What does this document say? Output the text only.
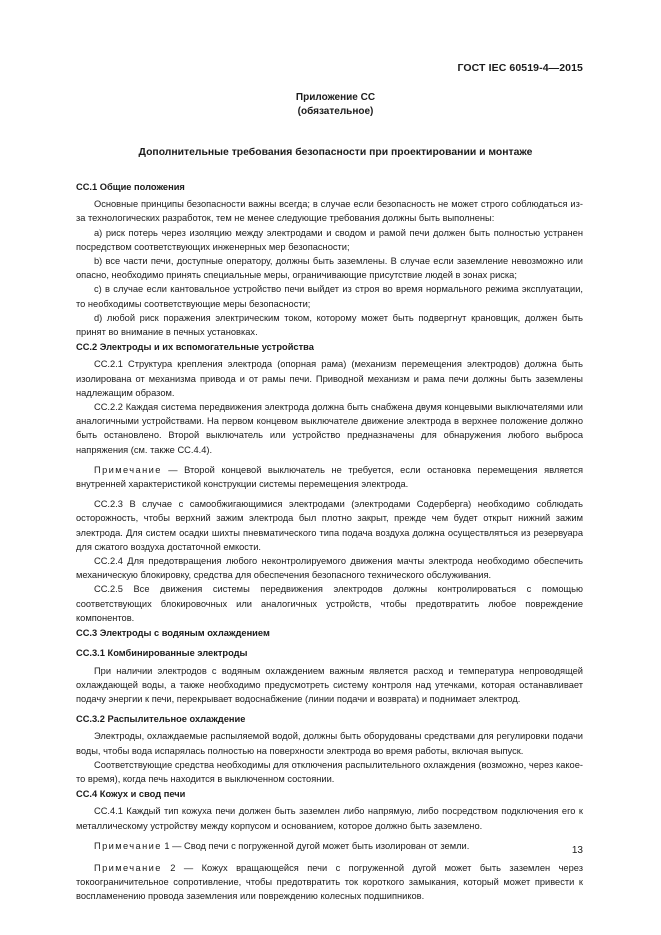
ГОСТ IEC 60519-4—2015
Приложение СС
(обязательное)
Дополнительные требования безопасности при проектировании и монтаже

СС.1 Общие положения

Основные принципы безопасности важны всегда; в случае если безопасность не может строго соблюдаться из-за технологических разработок, тем не менее следующие требования должны быть выполнены:

a) риск потерь через изоляцию между электродами и сводом и рамой печи должен быть полностью устранен посредством соответствующих инженерных мер безопасности;

b) все части печи, доступные оператору, должны быть заземлены. В случае если заземление невозможно или опасно, необходимо принять специальные меры, ограничивающие присутствие людей в зонах риска;

c) в случае если кантовальное устройство печи выйдет из строя во время нормального режима эксплуатации, то необходимы соответствующие меры безопасности;

d) любой риск поражения электрическим током, которому может быть подвергнут крановщик, должен быть принят во внимание в печных установках.

СС.2 Электроды и их вспомогательные устройства

СС.2.1 Структура крепления электрода (опорная рама) (механизм перемещения электродов) должна быть изолирована от механизма привода и от рамы печи. Приводной механизм и рама печи должны быть заземлены надлежащим образом.

СС.2.2 Каждая система передвижения электрода должна быть снабжена двумя концевыми выключателями или аналогичными устройствами. На первом концевом выключателе движение электрода в верхнее положение должно быть остановлено. Второй выключатель или устройство предназначены для обнаружения любого выброса напряжения (см. также СС.4.4).

Примечание — Второй концевой выключатель не требуется, если остановка перемещения является внутренней характеристикой конструкции системы перемещения электрода.

СС.2.3 В случае с самообжигающимися электродами (электродами Содерберга) необходимо соблюдать осторожность, чтобы верхний зажим электрода был плотно закрыт, прежде чем будет открыт нижний зажим электрода. Для систем осадки шихты пневматического типа подача воздуха должна осуществляться из резервуара для сжатого воздуха достаточной емкости.

СС.2.4 Для предотвращения любого неконтролируемого движения мачты электрода необходимо обеспечить механическую блокировку, средства для обеспечения безопасного технического обслуживания.

СС.2.5 Все движения системы передвижения электродов должны контролироваться с помощью соответствующих блокировочных или аналогичных устройств, чтобы предотвратить любое повреждение компонентов.

СС.3 Электроды с водяным охлаждением

СС.3.1 Комбинированные электроды

При наличии электродов с водяным охлаждением важным является расход и температура непроводящей охлаждающей воды, а также необходимо предусмотреть систему контроля над утечками, которая останавливает подачу энергии к печи, перекрывает водоснабжение (линии подачи и возврата) и поднимает электрод.

СС.3.2 Распылительное охлаждение

Электроды, охлаждаемые распыляемой водой, должны быть оборудованы средствами для регулировки подачи воды, чтобы вода испарялась полностью на поверхности электрода во время работы, включая выпуск.

Соответствующие средства необходимы для отключения распылительного охлаждения (возможно, через какое-то время), когда печь находится в выключенном состоянии.

СС.4 Кожух и свод печи

СС.4.1 Каждый тип кожуха печи должен быть заземлен либо напрямую, либо посредством подключения его к металлическому устройству между корпусом и основанием, которое должно быть заземлено.

Примечание 1 — Свод печи с погруженной дугой может быть изолирован от земли.

Примечание 2 — Кожух вращающейся печи с погруженной дугой может быть заземлен через токоограничительное сопротивление, чтобы предотвратить ток короткого замыкания, который может привести к воспламенению провода заземления или повреждению колесных подшипников.

13
